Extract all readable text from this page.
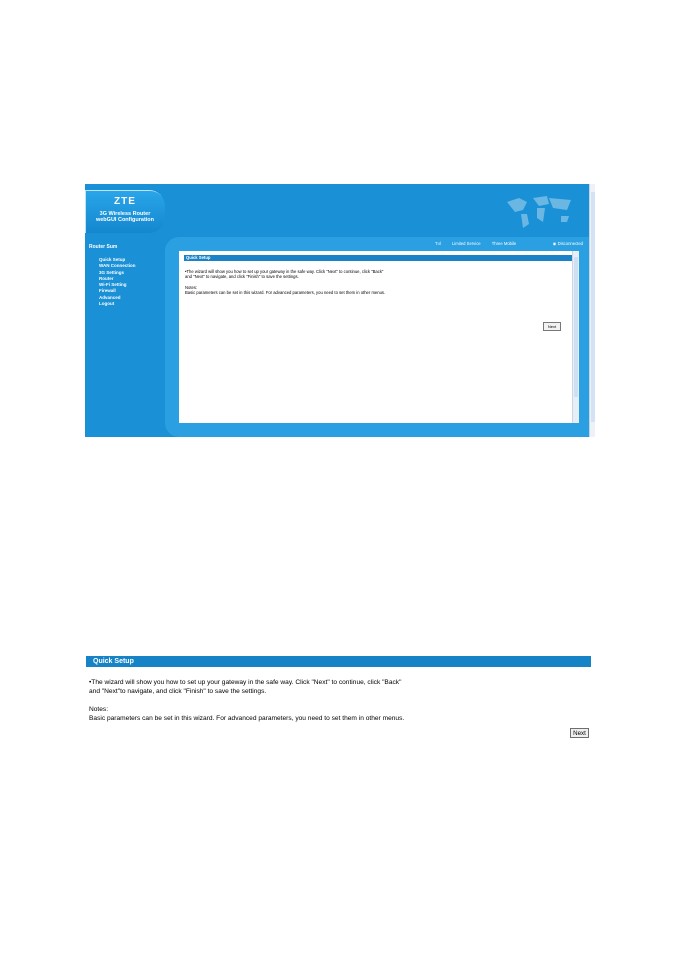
ZTE
3G Wireless Router
webGUI Configuration
Router Sum
Quick Setup
WAN Connection
3G Settings
Router
Wi-Fi Setting
Firewall
Advanced
Logout
Tııl	Limited Service	Three Mobile	◉ Disconnected
Quick Setup

•The wizard will show you how to set up your gateway in the safe way. Click "Next" to continue, click "Back"

and "Next" to navigate, and click "Finish" to save the settings.

Notes:

Basic parameters can be set in this wizard. For advanced parameters, you need to set them in other menus.

Next
Quick Setup

•The wizard will show you how to set up your gateway in the safe way. Click "Next" to continue, click "Back"

and "Next"to navigate, and click "Finish" to save the settings.

Notes:

Basic parameters can be set in this wizard. For advanced parameters, you need to set them in other menus.

Next
